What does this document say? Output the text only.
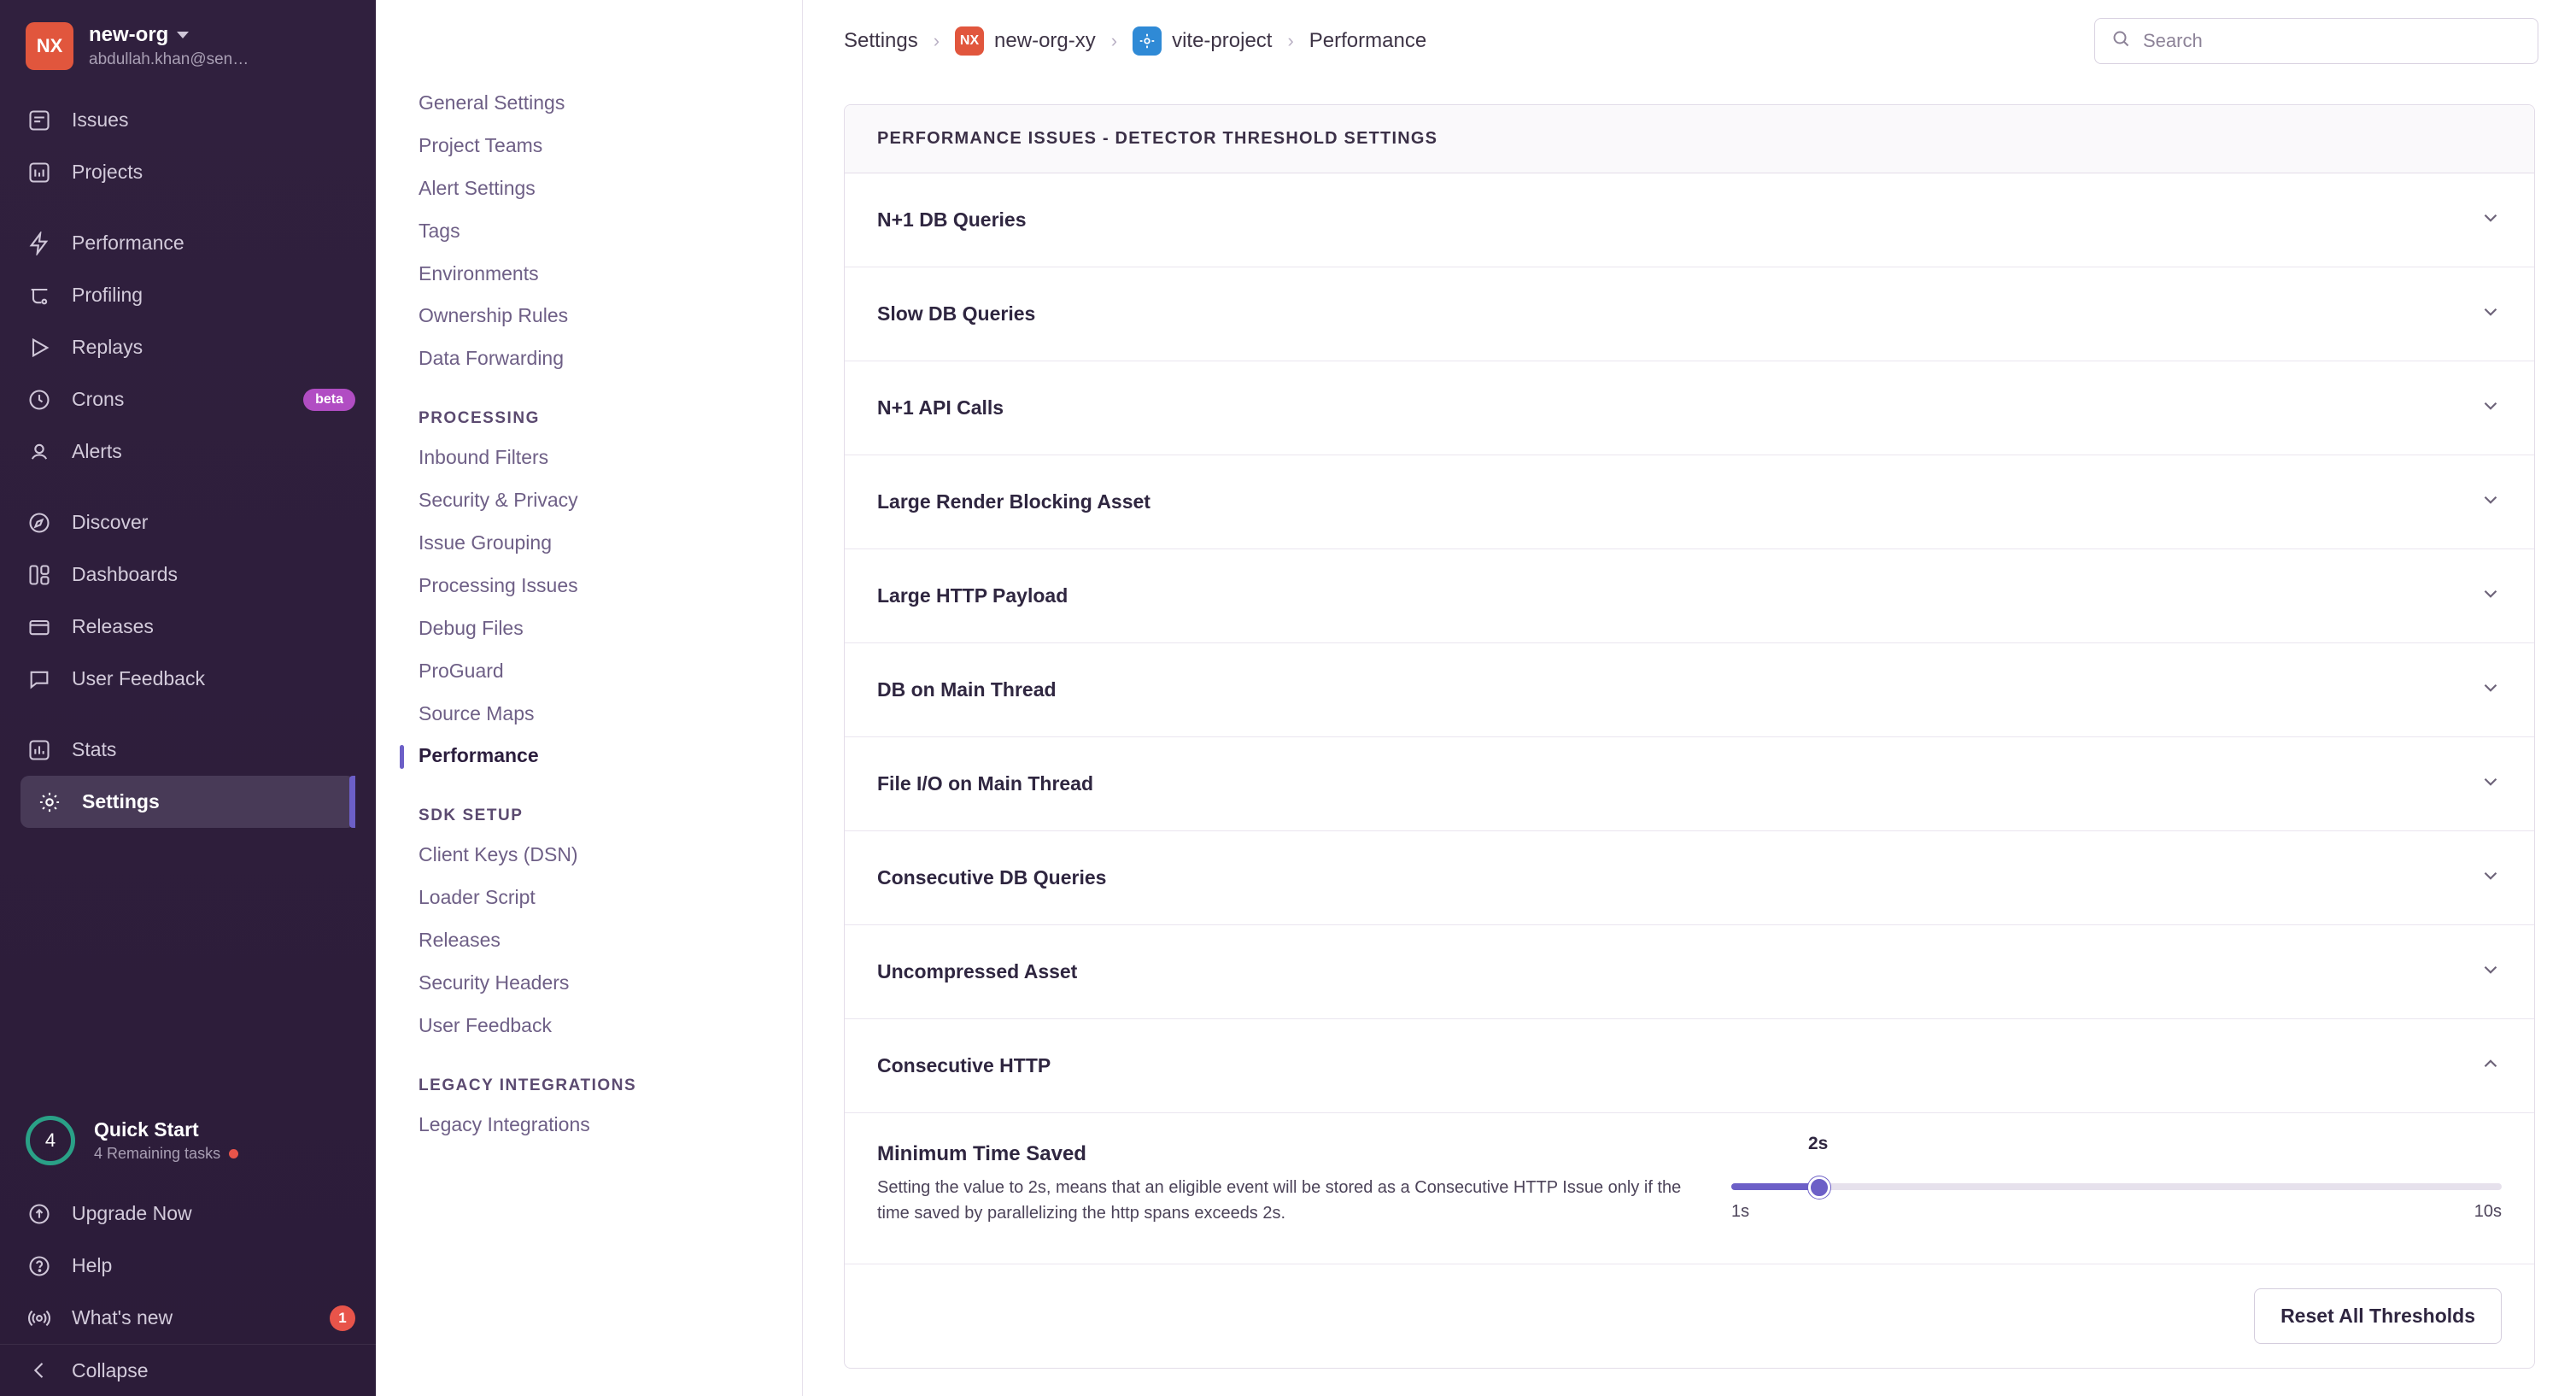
NX	new-org
abdullah.khan@sen…
Issues
Projects
Performance
Profiling
Replays
Crons	beta
Alerts
Discover
Dashboards
Releases
User Feedback
Stats
Settings
4	Quick Start
4 Remaining tasks
Upgrade Now
Help
What's new	1
Collapse
General Settings
Project Teams
Alert Settings
Tags
Environments
Ownership Rules
Data Forwarding
PROCESSING
Inbound Filters
Security & Privacy
Issue Grouping
Processing Issues
Debug Files
ProGuard
Source Maps
Performance
SDK SETUP
Client Keys (DSN)
Loader Script
Releases
Security Headers
User Feedback
LEGACY INTEGRATIONS
Legacy Integrations
Settings ›	NX new-org-xy ›	vite-project › Performance	Search
PERFORMANCE ISSUES - DETECTOR THRESHOLD SETTINGS
N+1 DB Queries
Slow DB Queries
N+1 API Calls
Large Render Blocking Asset
Large HTTP Payload
DB on Main Thread
File I/O on Main Thread
Consecutive DB Queries
Uncompressed Asset
Consecutive HTTP
Minimum Time Saved
Setting the value to 2s, means that an eligible event will be stored as a Consecutive HTTP Issue only if the time saved by parallelizing the http spans exceeds 2s.
2s
1s	10s
Reset All Thresholds
